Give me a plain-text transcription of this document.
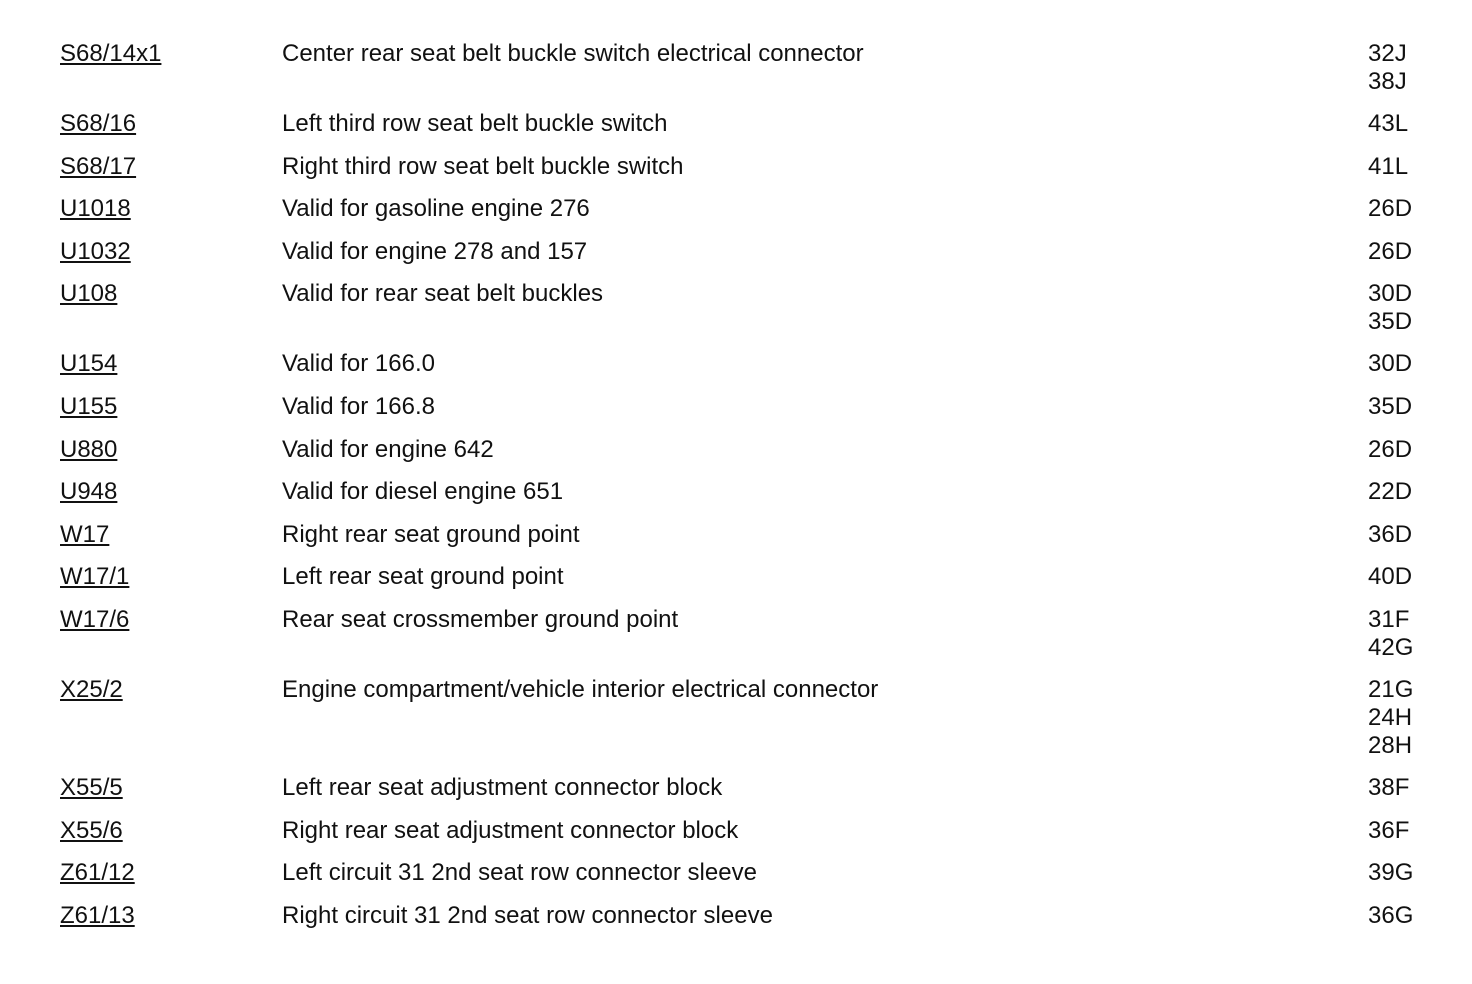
S68/14x1	Center rear seat belt buckle switch electrical connector	32J
38J
S68/16	Left third row seat belt buckle switch	43L
S68/17	Right third row seat belt buckle switch	41L
U1018	Valid for gasoline engine 276	26D
U1032	Valid for engine 278 and 157	26D
U108	Valid for rear seat belt buckles	30D
35D
U154	Valid for 166.0	30D
U155	Valid for 166.8	35D
U880	Valid for engine 642	26D
U948	Valid for diesel engine 651	22D
W17	Right rear seat ground point	36D
W17/1	Left rear seat ground point	40D
W17/6	Rear seat crossmember ground point	31F
42G
X25/2	Engine compartment/vehicle interior electrical connector	21G
24H
28H
X55/5	Left rear seat adjustment connector block	38F
X55/6	Right rear seat adjustment connector block	36F
Z61/12	Left circuit 31 2nd seat row connector sleeve	39G
Z61/13	Right circuit 31 2nd seat row connector sleeve	36G
